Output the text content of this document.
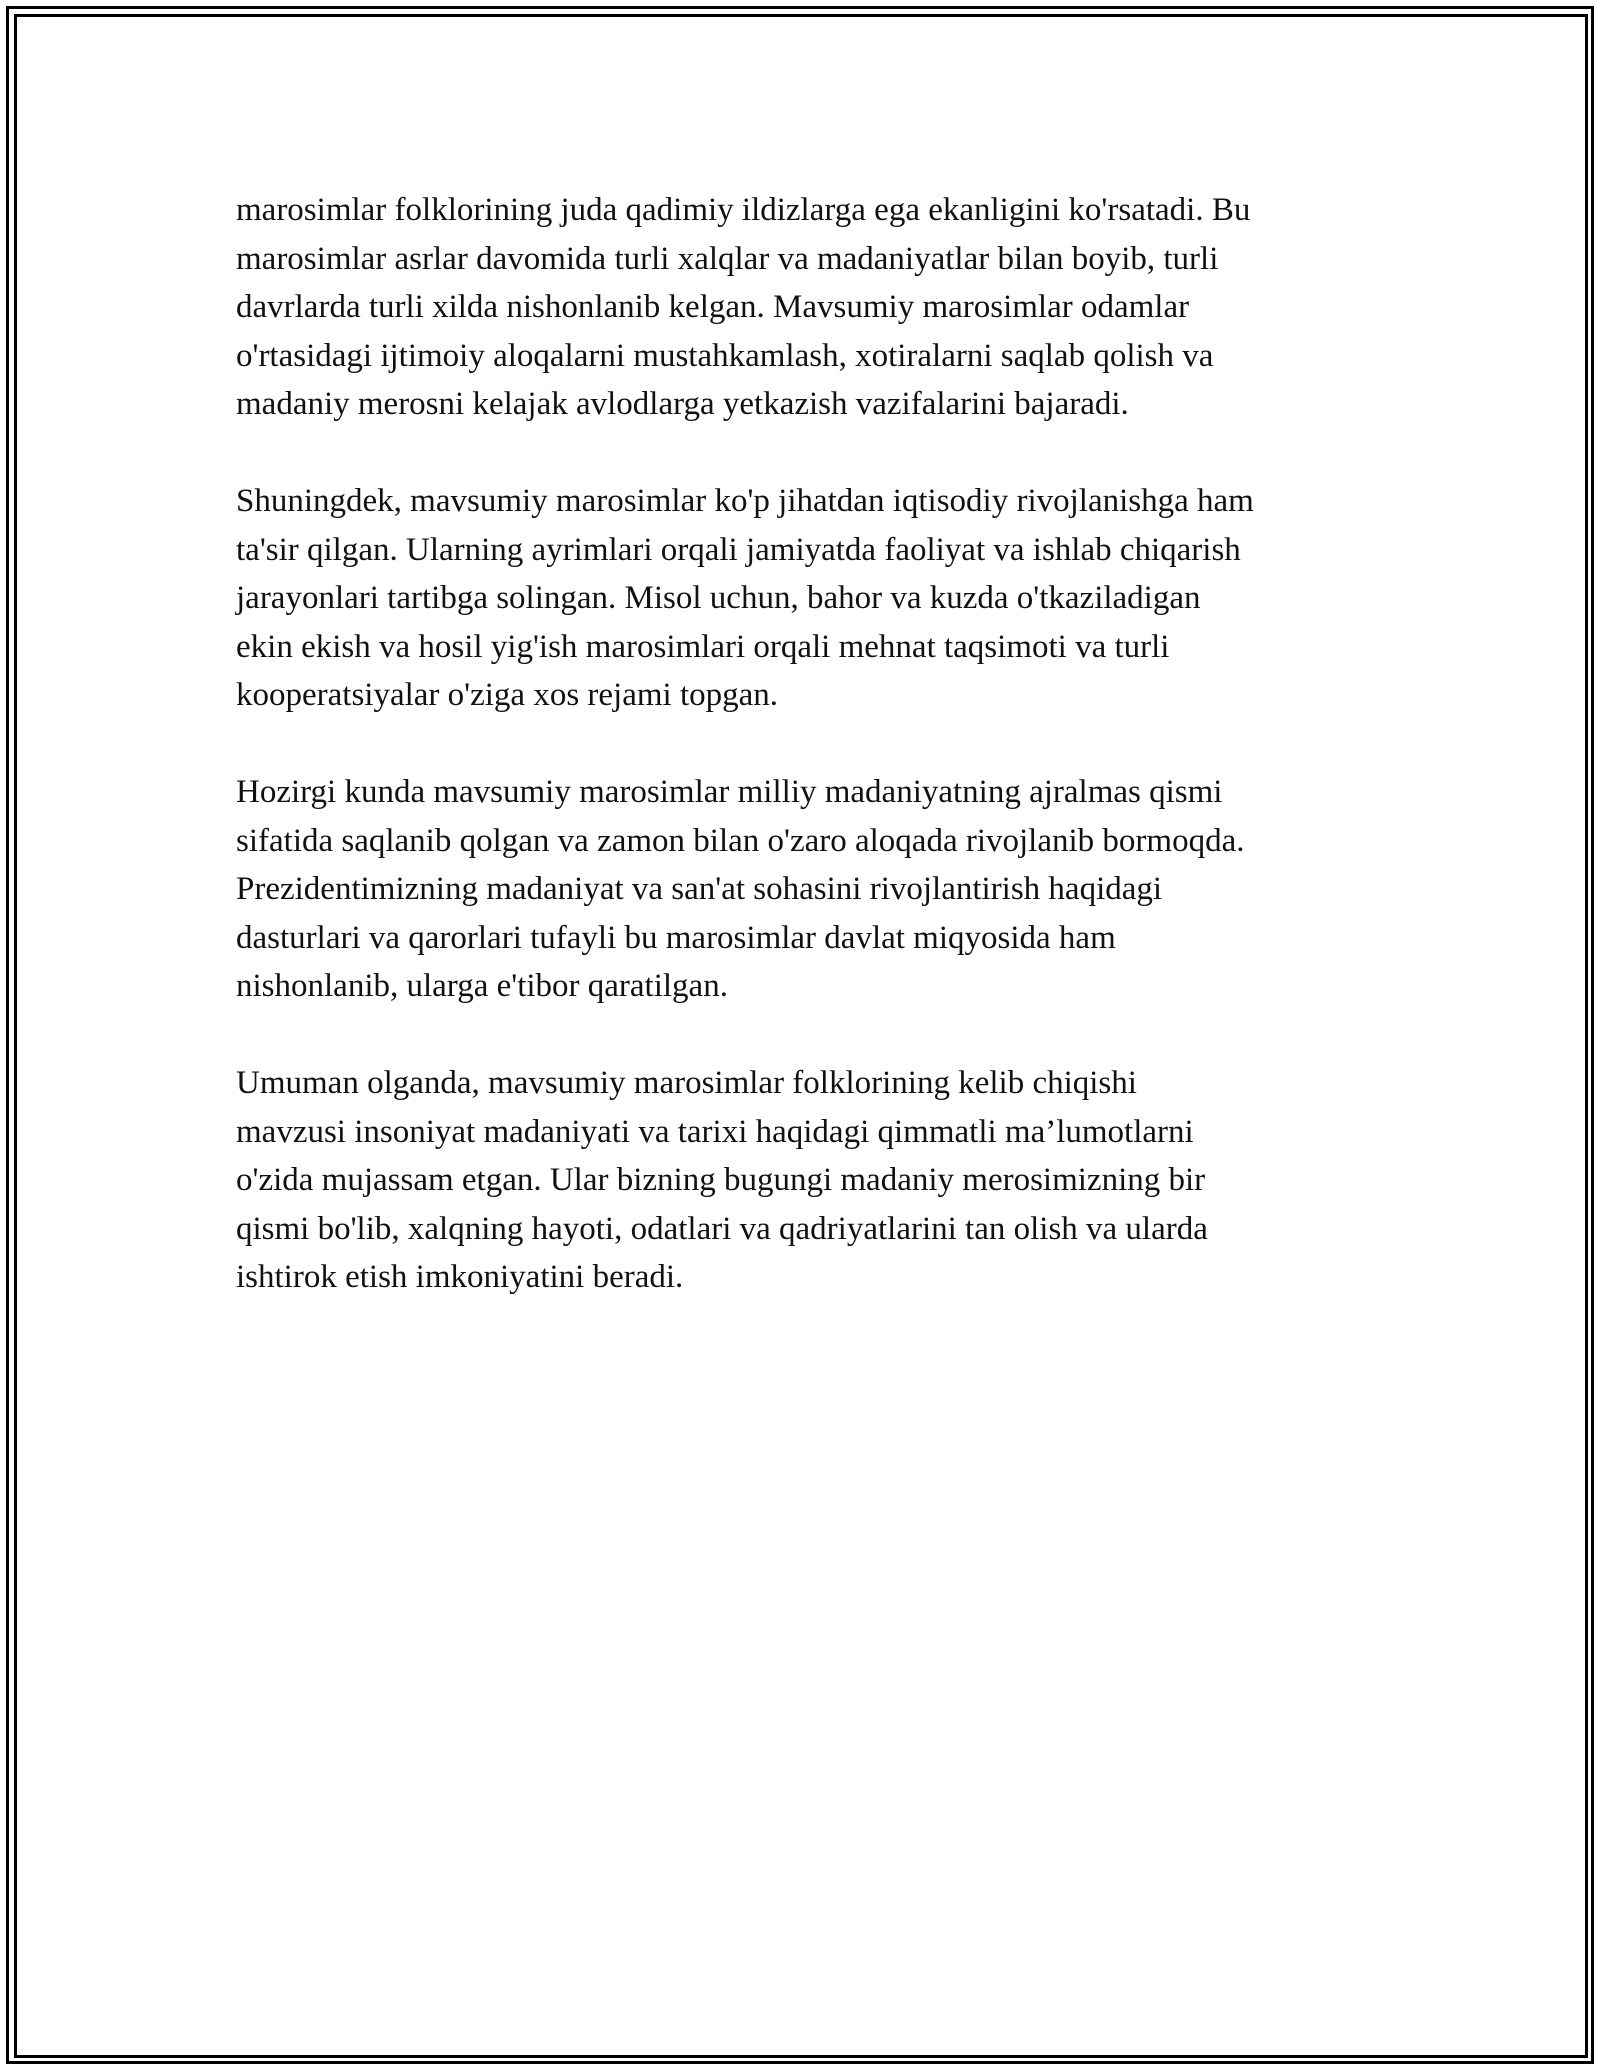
marosimlar folklorining juda qadimiy ildizlarga ega ekanligini ko'rsatadi. Bu

marosimlar asrlar davomida turli xalqlar va madaniyatlar bilan boyib, turli

davrlarda turli xilda nishonlanib kelgan. Mavsumiy marosimlar odamlar

o'rtasidagi ijtimoiy aloqalarni mustahkamlash, xotiralarni saqlab qolish va

madaniy merosni kelajak avlodlarga yetkazish vazifalarini bajaradi.

Shuningdek, mavsumiy marosimlar ko'p jihatdan iqtisodiy rivojlanishga ham

ta'sir qilgan. Ularning ayrimlari orqali jamiyatda faoliyat va ishlab chiqarish

jarayonlari tartibga solingan. Misol uchun, bahor va kuzda o'tkaziladigan

ekin ekish va hosil yig'ish marosimlari orqali mehnat taqsimoti va turli

kooperatsiyalar o'ziga xos rejami topgan.

Hozirgi kunda mavsumiy marosimlar milliy madaniyatning ajralmas qismi

sifatida saqlanib qolgan va zamon bilan o'zaro aloqada rivojlanib bormoqda.

Prezidentimizning madaniyat va san'at sohasini rivojlantirish haqidagi

dasturlari va qarorlari tufayli bu marosimlar davlat miqyosida ham

nishonlanib, ularga e'tibor qaratilgan.

Umuman olganda, mavsumiy marosimlar folklorining kelib chiqishi

mavzusi insoniyat madaniyati va tarixi haqidagi qimmatli ma’lumotlarni

o'zida mujassam etgan. Ular bizning bugungi madaniy merosimizning bir

qismi bo'lib, xalqning hayoti, odatlari va qadriyatlarini tan olish va ularda

ishtirok etish imkoniyatini beradi.
